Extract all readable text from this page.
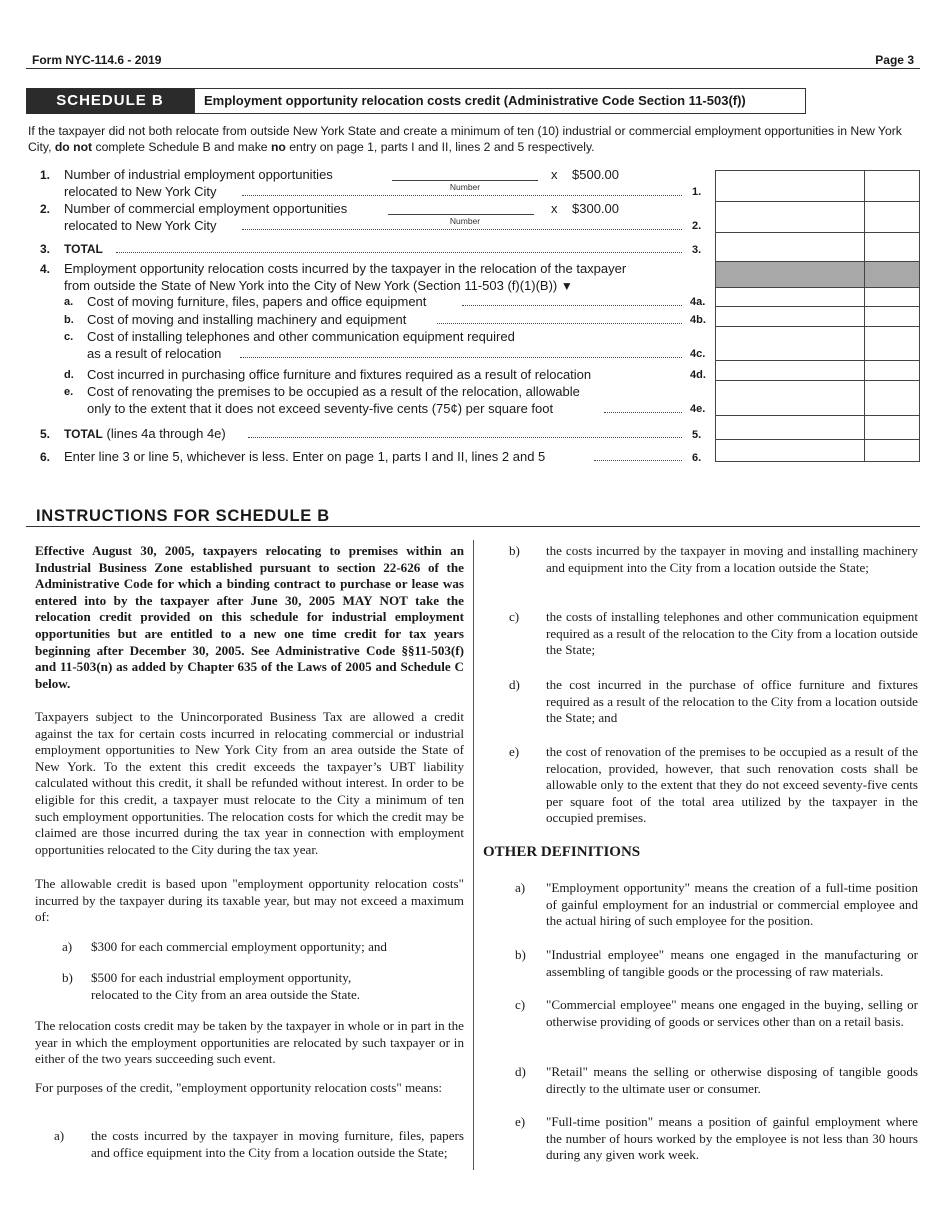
Form NYC-114.6 - 2019	Page 3
SCHEDULE B	Employment opportunity relocation costs credit (Administrative Code Section 11-503(f))
If the taxpayer did not both relocate from outside New York State and create a minimum of ten (10) industrial or commercial employment opportunities in New York City, do not complete Schedule B and make no entry on page 1, parts I and II, lines 2 and 5 respectively.
1. Number of industrial employment opportunities
relocated to New York City	Number
x $500.00
1.
2. Number of commercial employment opportunities
relocated to New York City	Number
x $300.00
2.
3. TOTAL	3.
4. Employment opportunity relocation costs incurred by the taxpayer in the relocation of the taxpayer
from outside the State of New York into the City of New York (Section 11-503 (f)(1)(B)) ▼
a. Cost of moving furniture, files, papers and office equipment	4a.
b. Cost of moving and installing machinery and equipment	4b.
c. Cost of installing telephones and other communication equipment required
as a result of relocation	4c.
d. Cost incurred in purchasing office furniture and fixtures required as a result of relocation	4d.
e. Cost of renovating the premises to be occupied as a result of the relocation, allowable
only to the extent that it does not exceed seventy-five cents (75¢) per square foot	4e.
5. TOTAL (lines 4a through 4e)	5.
6. Enter line 3 or line 5, whichever is less. Enter on page 1, parts I and II, lines 2 and 5	6.
INSTRUCTIONS FOR SCHEDULE B
Effective August 30, 2005, taxpayers relocating to premises within an Industrial Business Zone established pursuant to section 22-626 of the Administrative Code for which a binding contract to purchase or lease was entered into by the taxpayer after June 30, 2005 MAY NOT take the relocation credit provided on this schedule for industrial employment opportunities but are entitled to a new one time credit for tax years beginning after December 30, 2005. See Administrative Code §§11-503(f) and 11-503(n) as added by Chapter 635 of the Laws of 2005 and Schedule C below.
Taxpayers subject to the Unincorporated Business Tax are allowed a credit against the tax for certain costs incurred in relocating commercial or industrial employment opportunities to New York City from an area outside the State of New York. To the extent this credit exceeds the taxpayer’s UBT liability calculated without this credit, it shall be refunded without interest. In order to be eligible for this credit, a taxpayer must relocate to the City a minimum of ten such employment opportunities. The relocation costs for which the credit may be claimed are those incurred during the tax year in connection with employment opportunities relocated to the City during the tax year.
The allowable credit is based upon "employment opportunity relocation costs" incurred by the taxpayer during its taxable year, but may not exceed a maximum of:
a) $300 for each commercial employment opportunity; and
b) $500 for each industrial employment opportunity,
relocated to the City from an area outside the State.
The relocation costs credit may be taken by the taxpayer in whole or in part in the year in which the employment opportunities are relocated by such taxpayer or in either of the two years succeeding such event.
For purposes of the credit, "employment opportunity relocation costs" means:
a) the costs incurred by the taxpayer in moving furniture, files, papers and office equipment into the City from a location outside the State;
b) the costs incurred by the taxpayer in moving and installing machinery and equipment into the City from a location outside the State;
c) the costs of installing telephones and other communication equipment required as a result of the relocation to the City from a location outside the State;
d) the cost incurred in the purchase of office furniture and fixtures required as a result of the relocation to the City from a location outside the State; and
e) the cost of renovation of the premises to be occupied as a result of the relocation, provided, however, that such renovation costs shall be allowable only to the extent that they do not exceed seventy-five cents per square foot of the total area utilized by the taxpayer in the occupied premises.
OTHER DEFINITIONS
a) "Employment opportunity" means the creation of a full-time position of gainful employment for an industrial or commercial employee and the actual hiring of such employee for the position.
b) "Industrial employee" means one engaged in the manufacturing or assembling of tangible goods or the processing of raw materials.
c) "Commercial employee" means one engaged in the buying, selling or otherwise providing of goods or services other than on a retail basis.
d) "Retail" means the selling or otherwise disposing of tangible goods directly to the ultimate user or consumer.
e) "Full-time position" means a position of gainful employment where the number of hours worked by the employee is not less than 30 hours during any given work week.
